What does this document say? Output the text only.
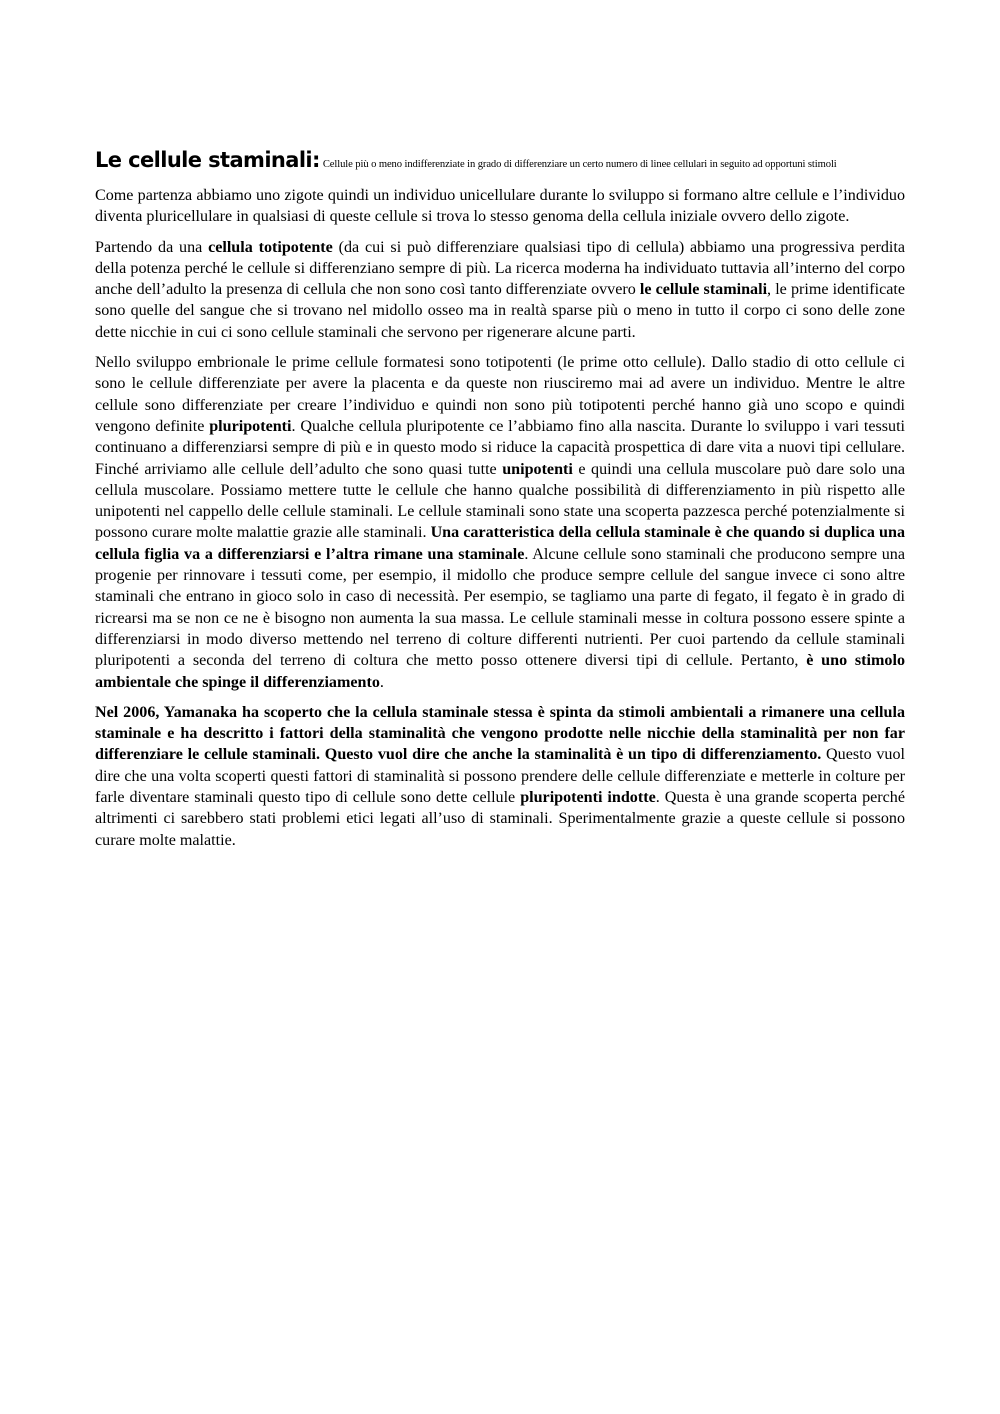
Le cellule staminali: Cellule più o meno indifferenziate in grado di differenziare un certo numero di linee cellulari in seguito ad opportuni stimoli

Come partenza abbiamo uno zigote quindi un individuo unicellulare durante lo sviluppo si formano altre cellule e l’individuo diventa pluricellulare in qualsiasi di queste cellule si trova lo stesso genoma della cellula iniziale ovvero dello zigote.

Partendo da una cellula totipotente (da cui si può differenziare qualsiasi tipo di cellula) abbiamo una progressiva perdita della potenza perché le cellule si differenziano sempre di più. La ricerca moderna ha individuato tuttavia all’interno del corpo anche dell’adulto la presenza di cellula che non sono così tanto differenziate ovvero le cellule staminali, le prime identificate sono quelle del sangue che si trovano nel midollo osseo ma in realtà sparse più o meno in tutto il corpo ci sono delle zone dette nicchie in cui ci sono cellule staminali che servono per rigenerare alcune parti.

Nello sviluppo embrionale le prime cellule formatesi sono totipotenti (le prime otto cellule). Dallo stadio di otto cellule ci sono le cellule differenziate per avere la placenta e da queste non riusciremo mai ad avere un individuo. Mentre le altre cellule sono differenziate per creare l’individuo e quindi non sono più totipotenti perché hanno già uno scopo e quindi vengono definite pluripotenti. Qualche cellula pluripotente ce l’abbiamo fino alla nascita. Durante lo sviluppo i vari tessuti continuano a differenziarsi sempre di più e in questo modo si riduce la capacità prospettica di dare vita a nuovi tipi cellulare. Finché arriviamo alle cellule dell’adulto che sono quasi tutte unipotenti e quindi una cellula muscolare può dare solo una cellula muscolare. Possiamo mettere tutte le cellule che hanno qualche possibilità di differenziamento in più rispetto alle unipotenti nel cappello delle cellule staminali. Le cellule staminali sono state una scoperta pazzesca perché potenzialmente si possono curare molte malattie grazie alle staminali. Una caratteristica della cellula staminale è che quando si duplica una cellula figlia va a differenziarsi e l’altra rimane una staminale. Alcune cellule sono staminali che producono sempre una progenie per rinnovare i tessuti come, per esempio, il midollo che produce sempre cellule del sangue invece ci sono altre staminali che entrano in gioco solo in caso di necessità. Per esempio, se tagliamo una parte di fegato, il fegato è in grado di ricrearsi ma se non ce ne è bisogno non aumenta la sua massa. Le cellule staminali messe in coltura possono essere spinte a differenziarsi in modo diverso mettendo nel terreno di colture differenti nutrienti. Per cuoi partendo da cellule staminali pluripotenti a seconda del terreno di coltura che metto posso ottenere diversi tipi di cellule. Pertanto, è uno stimolo ambientale che spinge il differenziamento.

Nel 2006, Yamanaka ha scoperto che la cellula staminale stessa è spinta da stimoli ambientali a rimanere una cellula staminale e ha descritto i fattori della staminalità che vengono prodotte nelle nicchie della staminalità per non far differenziare le cellule staminali. Questo vuol dire che anche la staminalità è un tipo di differenziamento. Questo vuol dire che una volta scoperti questi fattori di staminalità si possono prendere delle cellule differenziate e metterle in colture per farle diventare staminali questo tipo di cellule sono dette cellule pluripotenti indotte. Questa è una grande scoperta perché altrimenti ci sarebbero stati problemi etici legati all’uso di staminali. Sperimentalmente grazie a queste cellule si possono curare molte malattie.
